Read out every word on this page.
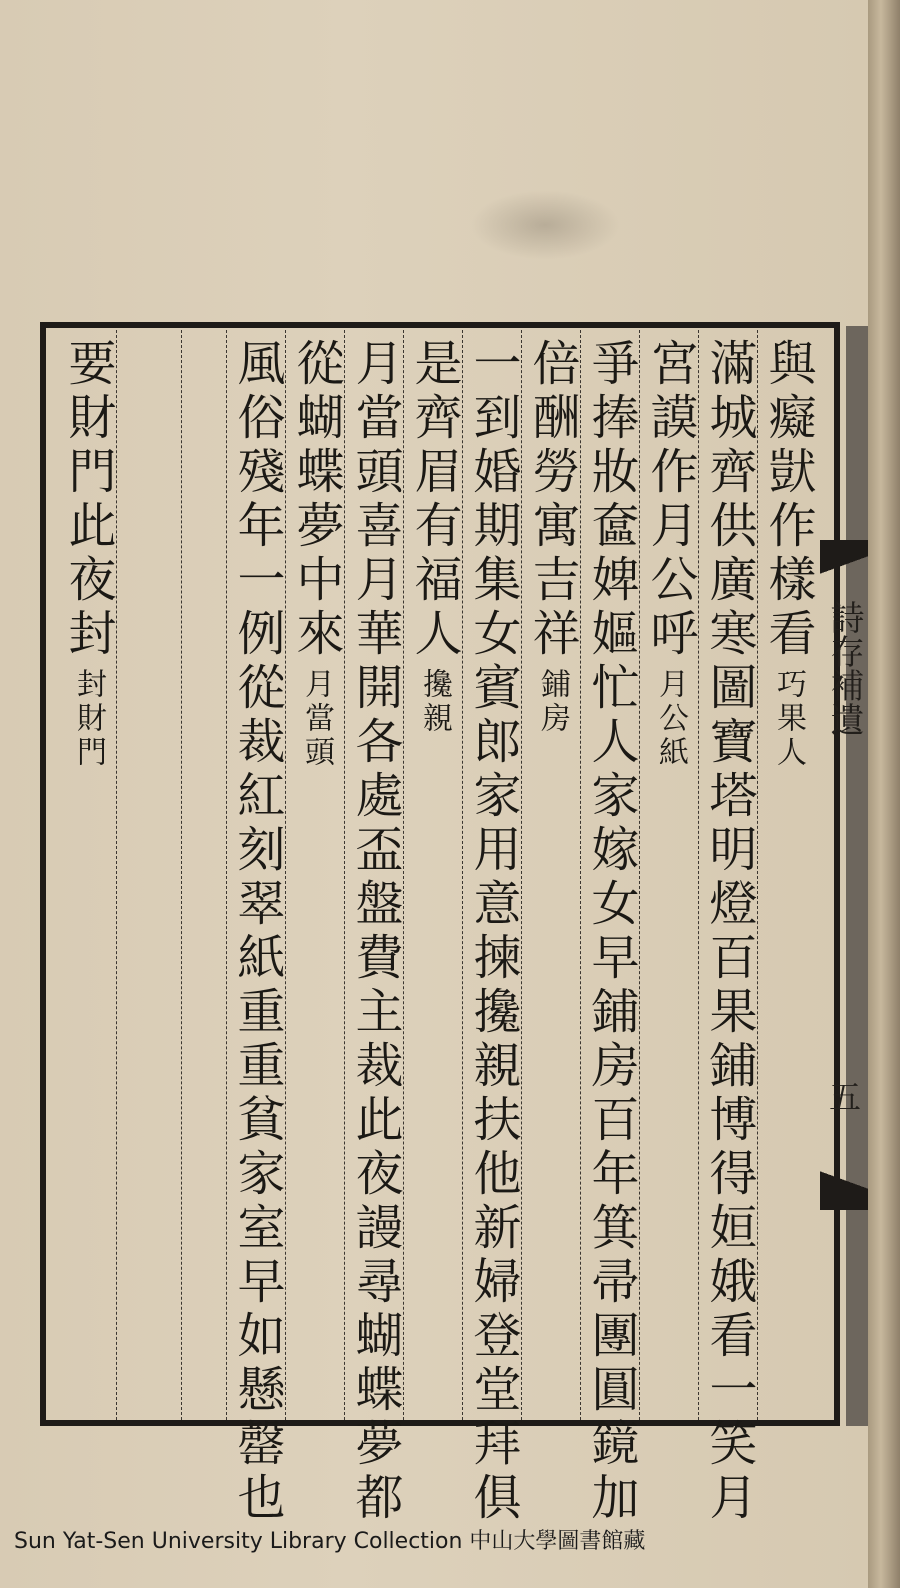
與癡獃作樣看
巧果人
滿城齊供廣寒圖寶塔明燈百果鋪博得姮娥看一笑月
宮謨作月公呼
月公紙
爭捧妝奩婢嫗忙人家嫁女早鋪房百年箕帚團圓鏡加
倍酬勞寓吉祥
鋪房
一到婚期集女賓郎家用意揀攙親扶他新婦登堂拜俱
是齊眉有福人
攙親
月當頭喜月華開各處盃盤費主裁此夜謾尋蝴蝶夢都
從蝴蝶夢中來
月當頭
風俗殘年一例從裁紅刻翠紙重重貧家室早如懸罄也
要財門此夜封
封財門	詩存補遺
五
Sun Yat-Sen University Library Collection 中山大學圖書館藏
